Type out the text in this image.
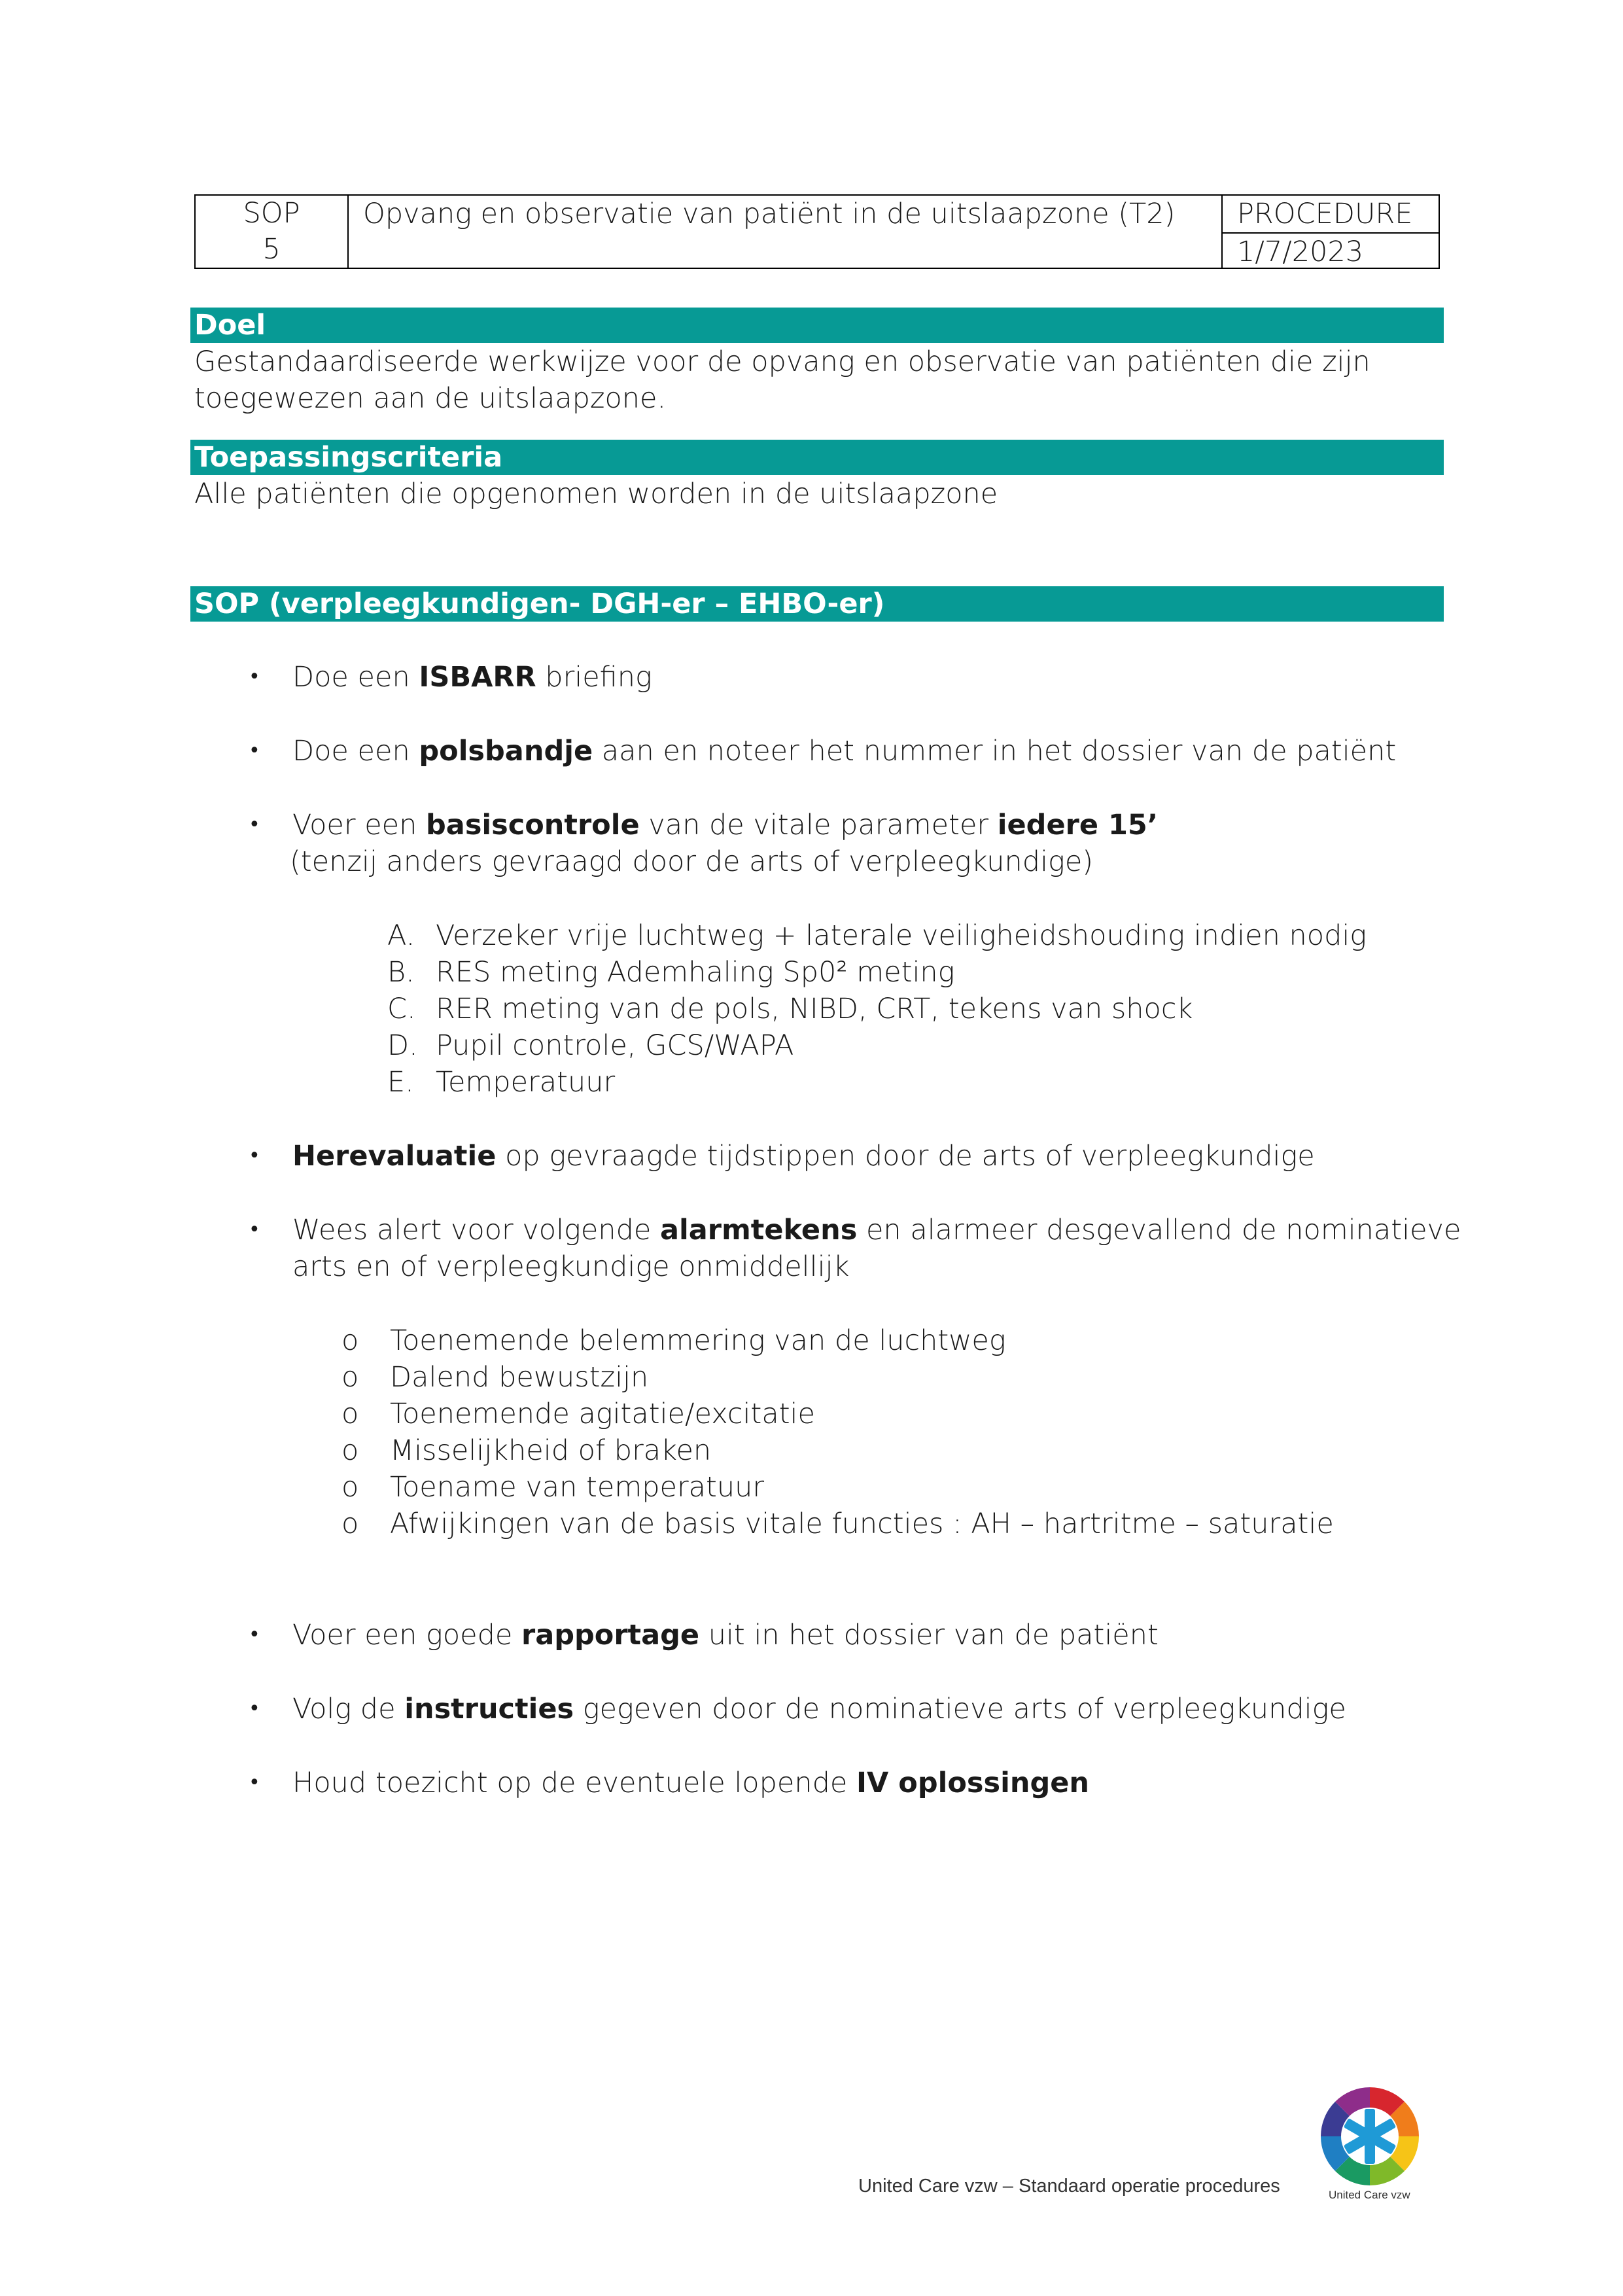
SOP
5
Opvang en observatie van patiënt in de uitslaapzone (T2)	PROCEDURE
1/7/2023
Doel
Gestandaardiseerde werkwijze voor de opvang en observatie van patiënten die zijn
toegewezen aan de uitslaapzone.
Toepassingscriteria
Alle patiënten die opgenomen worden in de uitslaapzone
SOP (verpleegkundigen- DGH-er – EHBO-er)
• Doe een ISBARR briefing
• Doe een polsbandje aan en noteer het nummer in het dossier van de patiënt
• Voer een basiscontrole van de vitale parameter iedere 15’
(tenzij anders gevraagd door de arts of verpleegkundige)
A. Verzeker vrije luchtweg + laterale veiligheidshouding indien nodig
B. RES meting Ademhaling Sp0² meting
C. RER meting van de pols, NIBD, CRT, tekens van shock
D. Pupil controle, GCS/WAPA
E. Temperatuur
• Herevaluatie op gevraagde tijdstippen door de arts of verpleegkundige
• Wees alert voor volgende alarmtekens en alarmeer desgevallend de nominatieve
arts en of verpleegkundige onmiddellijk
o Toenemende belemmering van de luchtweg
o Dalend bewustzijn
o Toenemende agitatie/excitatie
o Misselijkheid of braken
o Toename van temperatuur
o Afwijkingen van de basis vitale functies : AH – hartritme – saturatie
• Voer een goede rapportage uit in het dossier van de patiënt
• Volg de instructies gegeven door de nominatieve arts of verpleegkundige
• Houd toezicht op de eventuele lopende IV oplossingen
United Care vzw – Standaard operatie procedures	United Care vzw
